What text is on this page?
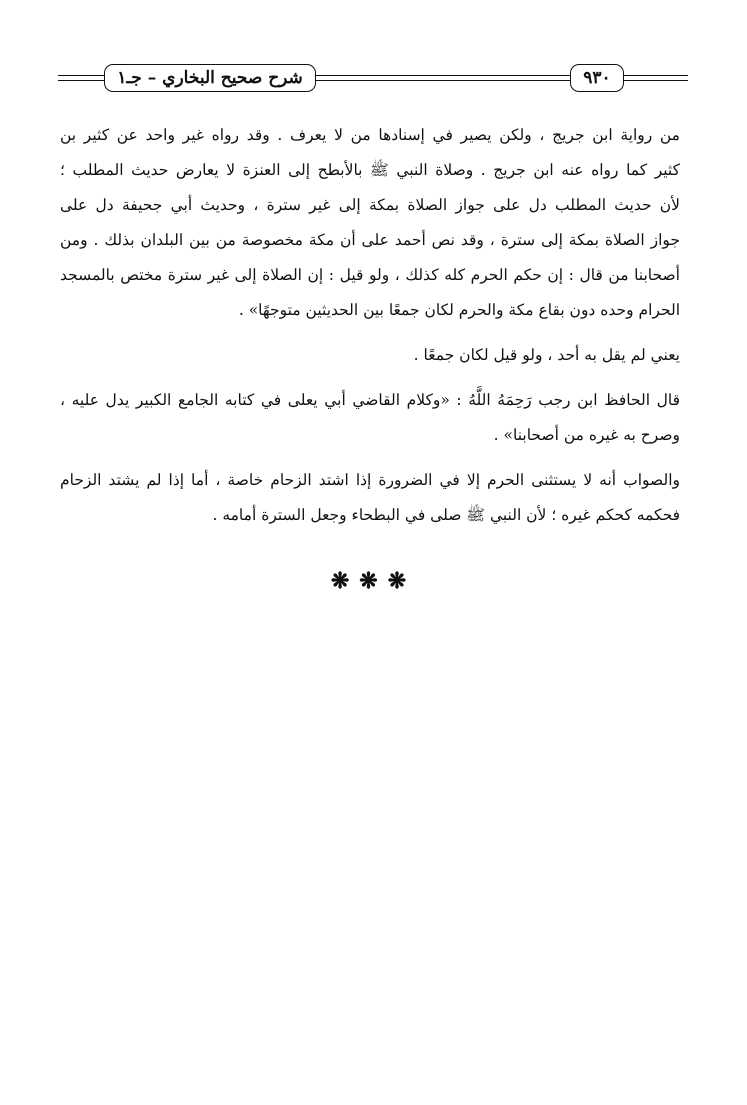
شرح صحيح البخاري – جـ١	٩٣٠
من رواية ابن جريج ، ولكن يصير في إسنادها من لا يعرف . وقد رواه غير واحد عن كثير بن
كثير كما رواه عنه ابن جريج . وصلاة النبي ﷺ بالأبطح إلى العنزة لا يعارض حديث المطلب ؛
لأن حديث المطلب دل على جواز الصلاة بمكة إلى غير سترة ، وحديث أبي جحيفة دل على
جواز الصلاة بمكة إلى سترة ، وقد نص أحمد على أن مكة مخصوصة من بين البلدان بذلك . ومن
أصحابنا من قال : إن حكم الحرم كله كذلك ، ولو قيل : إن الصلاة إلى غير سترة مختص بالمسجد
الحرام وحده دون بقاع مكة والحرم لكان جمعًا بين الحديثين متوجهًا» .
يعني لم يقل به أحد ، ولو قيل لكان جمعًا .
قال الحافظ ابن رجب رَحِمَهُ اللَّهُ : «وكلام القاضي أبي يعلى في كتابه الجامع الكبير يدل عليه ،
وصرح به غيره من أصحابنا» .
والصواب أنه لا يستثنى الحرم إلا في الضرورة إذا اشتد الزحام خاصة ، أما إذا لم يشتد الزحام
فحكمه كحكم غيره ؛ لأن النبي ﷺ صلى في البطحاء وجعل السترة أمامه .
❋❋❋
